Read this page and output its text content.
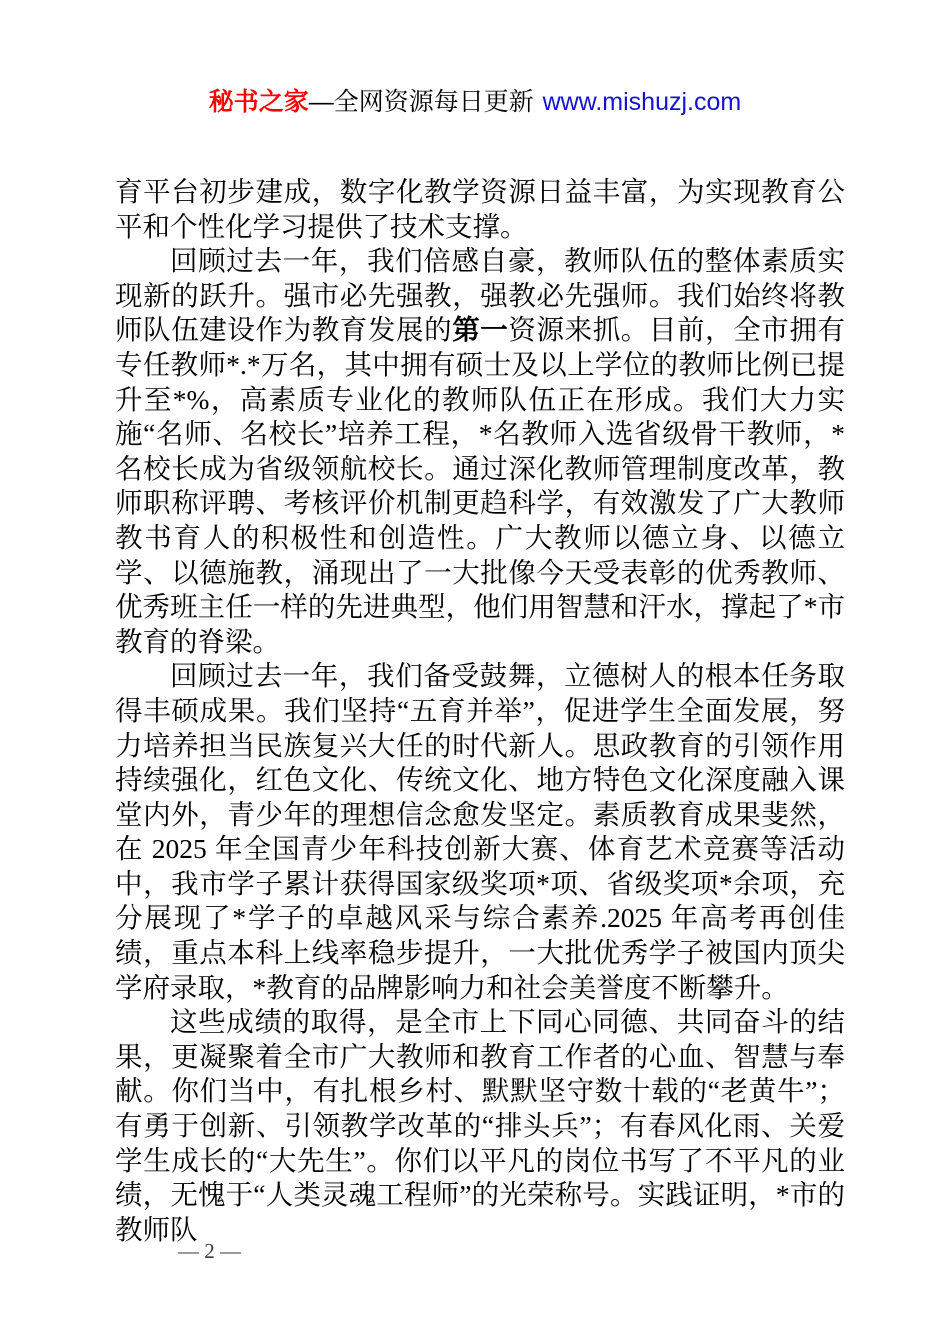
秘书之家—全网资源每日更新 www.mishuzj.com

育平台初步建成，数字化教学资源日益丰富，为实现教育公平和个性化学习提供了技术支撑。

回顾过去一年，我们倍感自豪，教师队伍的整体素质实现新的跃升。强市必先强教，强教必先强师。我们始终将教师队伍建设作为教育发展的第一资源来抓。目前，全市拥有专任教师*.*万名，其中拥有硕士及以上学位的教师比例已提升至*%，高素质专业化的教师队伍正在形成。我们大力实施“名师、名校长”培养工程，*名教师入选省级骨干教师，*名校长成为省级领航校长。通过深化教师管理制度改革，教师职称评聘、考核评价机制更趋科学，有效激发了广大教师教书育人的积极性和创造性。广大教师以德立身、以德立学、以德施教，涌现出了一大批像今天受表彰的优秀教师、优秀班主任一样的先进典型，他们用智慧和汗水，撑起了*市教育的脊梁。

回顾过去一年，我们备受鼓舞，立德树人的根本任务取得丰硕成果。我们坚持“五育并举”，促进学生全面发展，努力培养担当民族复兴大任的时代新人。思政教育的引领作用持续强化，红色文化、传统文化、地方特色文化深度融入课堂内外，青少年的理想信念愈发坚定。素质教育成果斐然，在 2025 年全国青少年科技创新大赛、体育艺术竞赛等活动中，我市学子累计获得国家级奖项*项、省级奖项*余项，充分展现了*学子的卓越风采与综合素养.2025 年高考再创佳绩，重点本科上线率稳步提升，一大批优秀学子被国内顶尖学府录取，*教育的品牌影响力和社会美誉度不断攀升。

这些成绩的取得，是全市上下同心同德、共同奋斗的结果，更凝聚着全市广大教师和教育工作者的心血、智慧与奉献。你们当中，有扎根乡村、默默坚守数十载的“老黄牛”；有勇于创新、引领教学改革的“排头兵”；有春风化雨、关爱学生成长的“大先生”。你们以平凡的岗位书写了不平凡的业绩，无愧于“人类灵魂工程师”的光荣称号。实践证明，*市的教师队

— 2 —
